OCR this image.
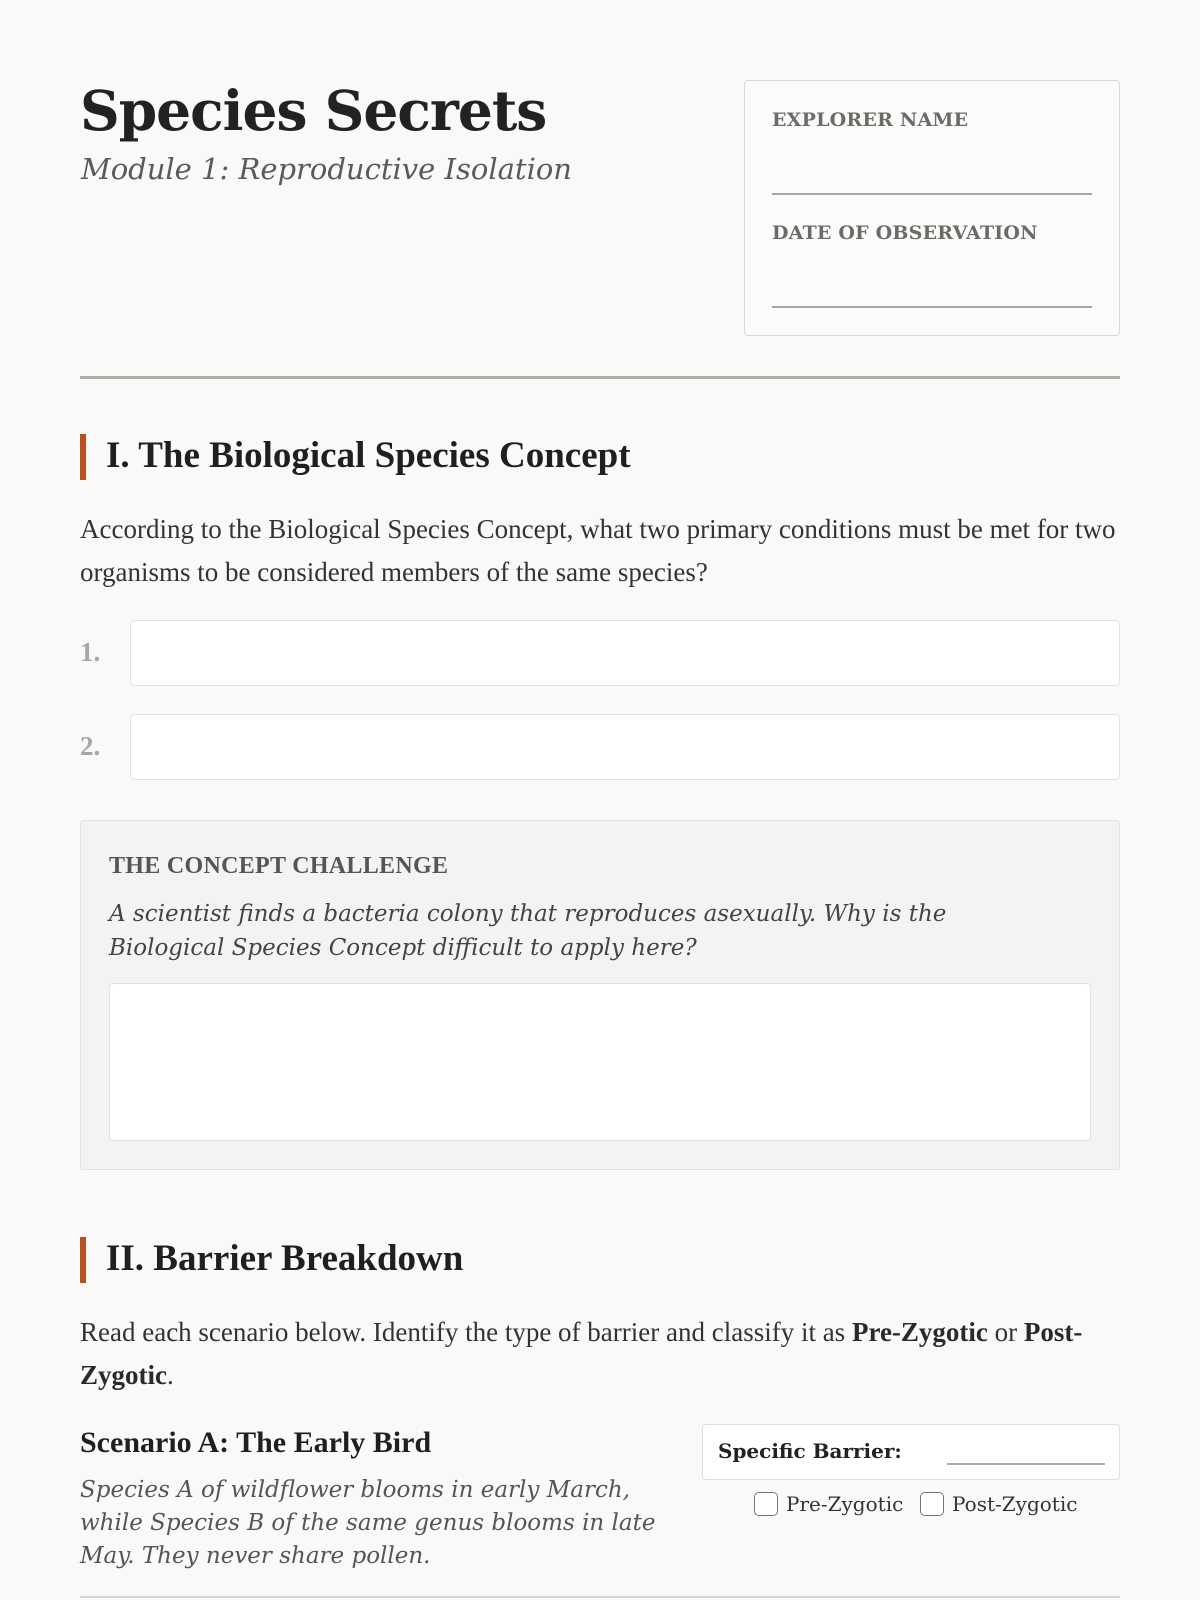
Species Secrets
Module 1: Reproductive Isolation
EXPLORER NAME
DATE OF OBSERVATION
I. The Biological Species Concept
According to the Biological Species Concept, what two primary conditions must be met for two organisms to be considered members of the same species?
1.
2.
THE CONCEPT CHALLENGE
A scientist finds a bacteria colony that reproduces asexually. Why is the Biological Species Concept difficult to apply here?
II. Barrier Breakdown
Read each scenario below. Identify the type of barrier and classify it as Pre-Zygotic or Post-Zygotic.
Scenario A: The Early Bird
Species A of wildflower blooms in early March, while Species B of the same genus blooms in late May. They never share pollen.
Specific Barrier:
Pre-Zygotic Post-Zygotic
